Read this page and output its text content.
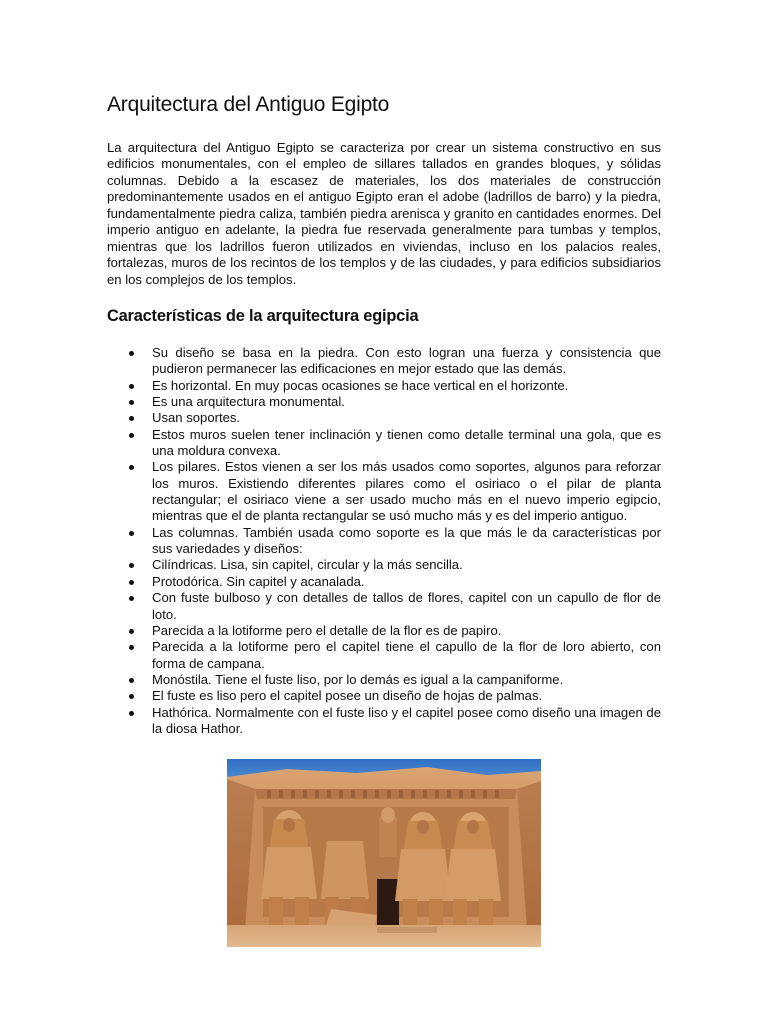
Arquitectura del Antiguo Egipto

La arquitectura del Antiguo Egipto se caracteriza por crear un sistema constructivo en sus edificios monumentales, con el empleo de sillares tallados en grandes bloques, y sólidas columnas. Debido a la escasez de materiales, los dos materiales de construcción predominantemente usados en el antiguo Egipto eran el adobe (ladrillos de barro) y la piedra, fundamentalmente piedra caliza, también piedra arenisca y granito en cantidades enormes. Del imperio antiguo en adelante, la piedra fue reservada generalmente para tumbas y templos, mientras que los ladrillos fueron utilizados en viviendas, incluso en los palacios reales, fortalezas, muros de los recintos de los templos y de las ciudades, y para edificios subsidiarios en los complejos de los templos.

Características de la arquitectura egipcia
Su diseño se basa en la piedra. Con esto logran una fuerza y consistencia que pudieron permanecer las edificaciones en mejor estado que las demás.
Es horizontal. En muy pocas ocasiones se hace vertical en el horizonte.
Es una arquitectura monumental.
Usan soportes.
Estos muros suelen tener inclinación y tienen como detalle terminal una gola, que es una moldura convexa.
Los pilares. Estos vienen a ser los más usados como soportes, algunos para reforzar los muros. Existiendo diferentes pilares como el osiriaco o el pilar de planta rectangular; el osiriaco viene a ser usado mucho más en el nuevo imperio egipcio, mientras que el de planta rectangular se usó mucho más y es del imperio antiguo.
Las columnas. También usada como soporte es la que más le da características por sus variedades y diseños:
Cilíndricas. Lisa, sin capitel, circular y la más sencilla.
Protodórica. Sin capitel y acanalada.
Con fuste bulboso y con detalles de tallos de flores, capitel con un capullo de flor de loto.
Parecida a la lotiforme pero el detalle de la flor es de papiro.
Parecida a la lotiforme pero el capitel tiene el capullo de la flor de loro abierto, con forma de campana.
Monóstila. Tiene el fuste liso, por lo demás es igual a la campaniforme.
El fuste es liso pero el capitel posee un diseño de hojas de palmas.
Hathórica. Normalmente con el fuste liso y el capitel posee como diseño una imagen de la diosa Hathor.
